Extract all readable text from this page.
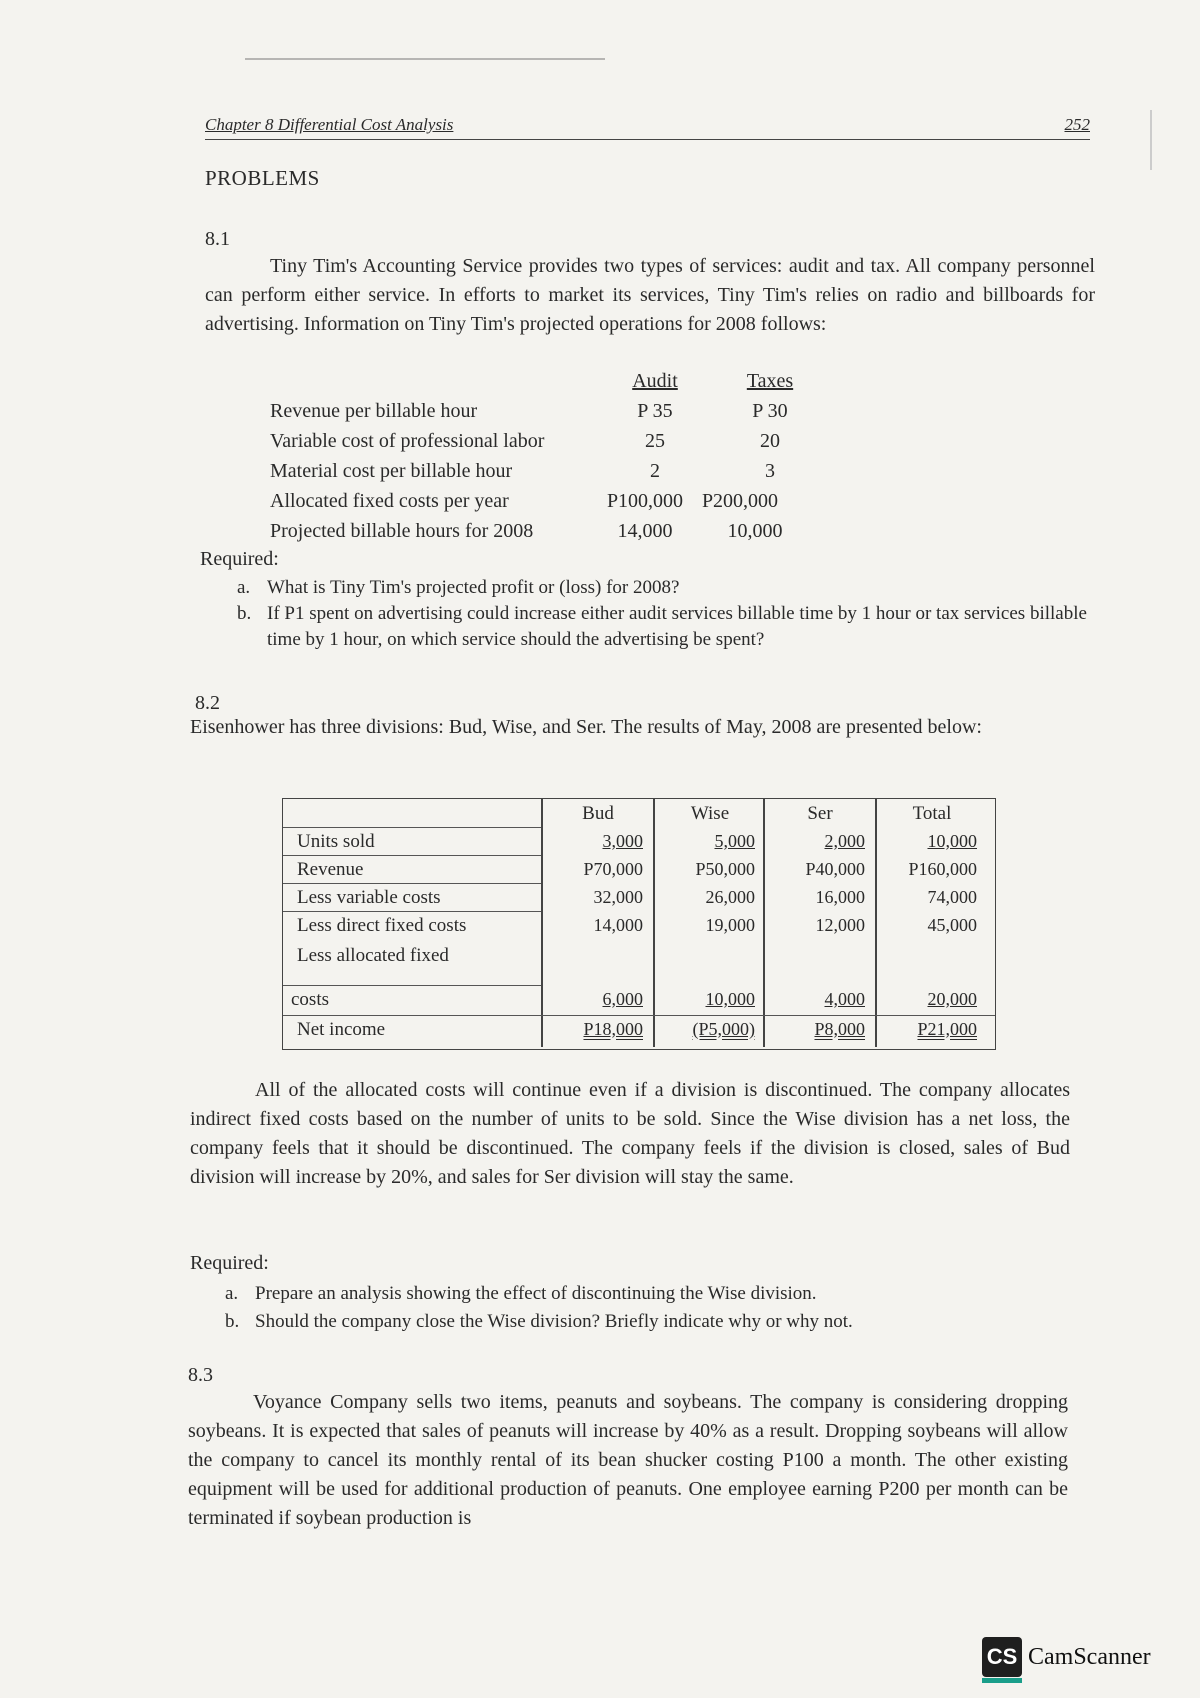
Chapter 8 Differential Cost Analysis	252
PROBLEMS
8.1

Tiny Tim's Accounting Service provides two types of services: audit and tax. All company personnel can perform either service. In efforts to market its services, Tiny Tim's relies on radio and billboards for advertising. Information on Tiny Tim's projected operations for 2008 follows:

Audit	Taxes
Revenue per billable hour	P 35	P 30
Variable cost of professional labor	25	20
Material cost per billable hour	2	3
Allocated fixed costs per year	P100,000 P200,000
Projected billable hours for 2008	14,000	10,000
Required:
a. What is Tiny Tim's projected profit or (loss) for 2008?
b. If P1 spent on advertising could increase either audit services billable time by 1 hour or tax services billable time by 1 hour, on which service should the advertising be spent?
8.2

Eisenhower has three divisions: Bud, Wise, and Ser. The results of May, 2008 are presented below:

Bud	Wise	Ser	Total
Units sold	3,000	5,000	2,000	10,000
Revenue	P70,000	P50,000	P40,000	P160,000
Less variable costs	32,000	26,000	16,000	74,000
Less direct fixed costs	14,000	19,000	12,000	45,000
Less allocated fixed
costs	6,000	10,000	4,000	20,000
Net income	P18,000	(P5,000)	P8,000	P21,000

All of the allocated costs will continue even if a division is discontinued. The company allocates indirect fixed costs based on the number of units to be sold. Since the Wise division has a net loss, the company feels that it should be discontinued. The company feels if the division is closed, sales of Bud division will increase by 20%, and sales for Ser division will stay the same.

Required:
a. Prepare an analysis showing the effect of discontinuing the Wise division.
b. Should the company close the Wise division? Briefly indicate why or why not.
8.3

Voyance Company sells two items, peanuts and soybeans. The company is considering dropping soybeans. It is expected that sales of peanuts will increase by 40% as a result. Dropping soybeans will allow the company to cancel its monthly rental of its bean shucker costing P100 a month. The other existing equipment will be used for additional production of peanuts. One employee earning P200 per month can be terminated if soybean production is

CS CamScanner
